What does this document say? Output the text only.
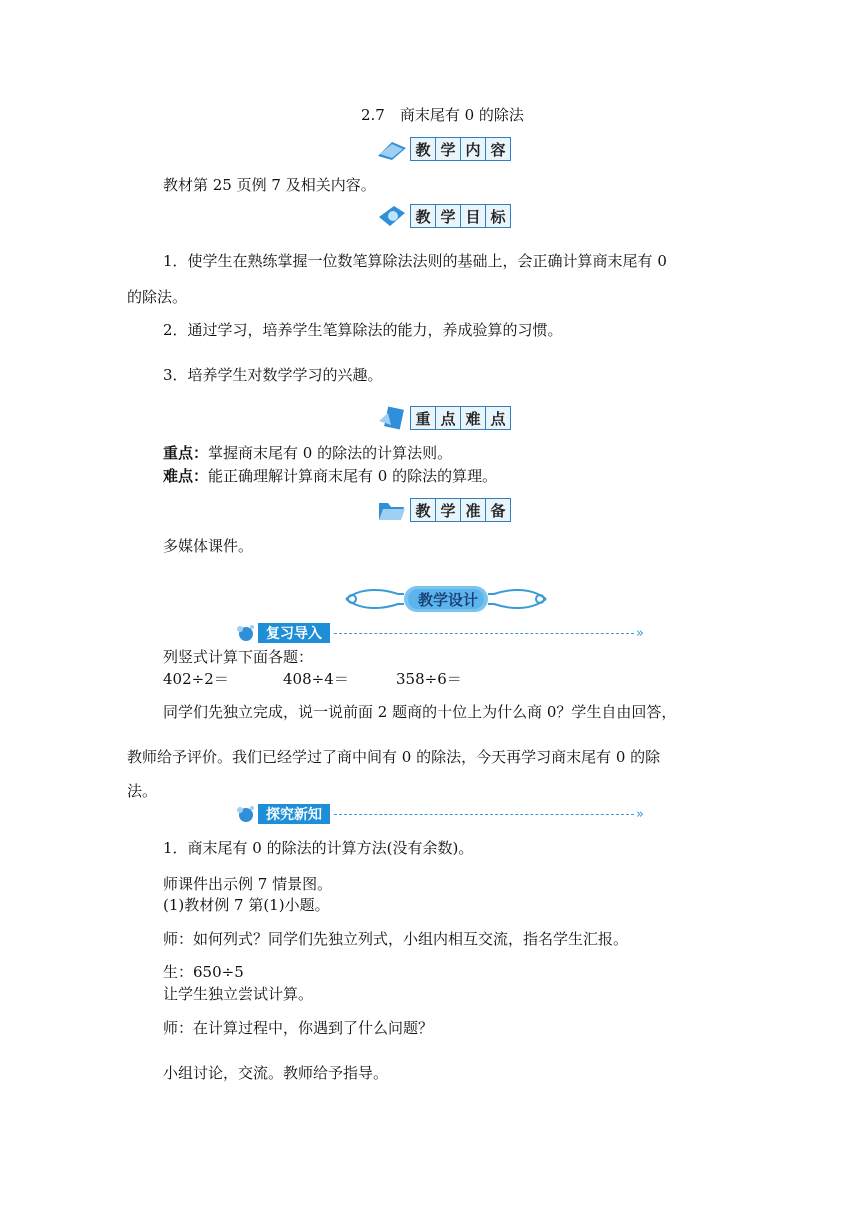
2.7　商末尾有 0 的除法
教 学 内 容
教材第 25 页例 7 及相关内容。
教 学 目 标
1．使学生在熟练掌握一位数笔算除法法则的基础上，会正确计算商末尾有 0
的除法。
2．通过学习，培养学生笔算除法的能力，养成验算的习惯。
3．培养学生对数学学习的兴趣。
重 点 难 点
重点：掌握商末尾有 0 的除法的计算法则。
难点：能正确理解计算商末尾有 0 的除法的算理。
教 学 准 备
多媒体课件。
教学设计
复习导入	»
列竖式计算下面各题：
402÷2＝	408÷4＝	358÷6＝
同学们先独立完成，说一说前面 2 题商的十位上为什么商 0？学生自由回答，
教师给予评价。我们已经学过了商中间有 0 的除法，今天再学习商末尾有 0 的除
法。
探究新知	»
1．商末尾有 0 的除法的计算方法(没有余数)。
师课件出示例 7 情景图。
(1)教材例 7 第(1)小题。
师：如何列式？同学们先独立列式，小组内相互交流，指名学生汇报。
生：650÷5
让学生独立尝试计算。
师：在计算过程中，你遇到了什么问题？
小组讨论，交流。教师给予指导。
